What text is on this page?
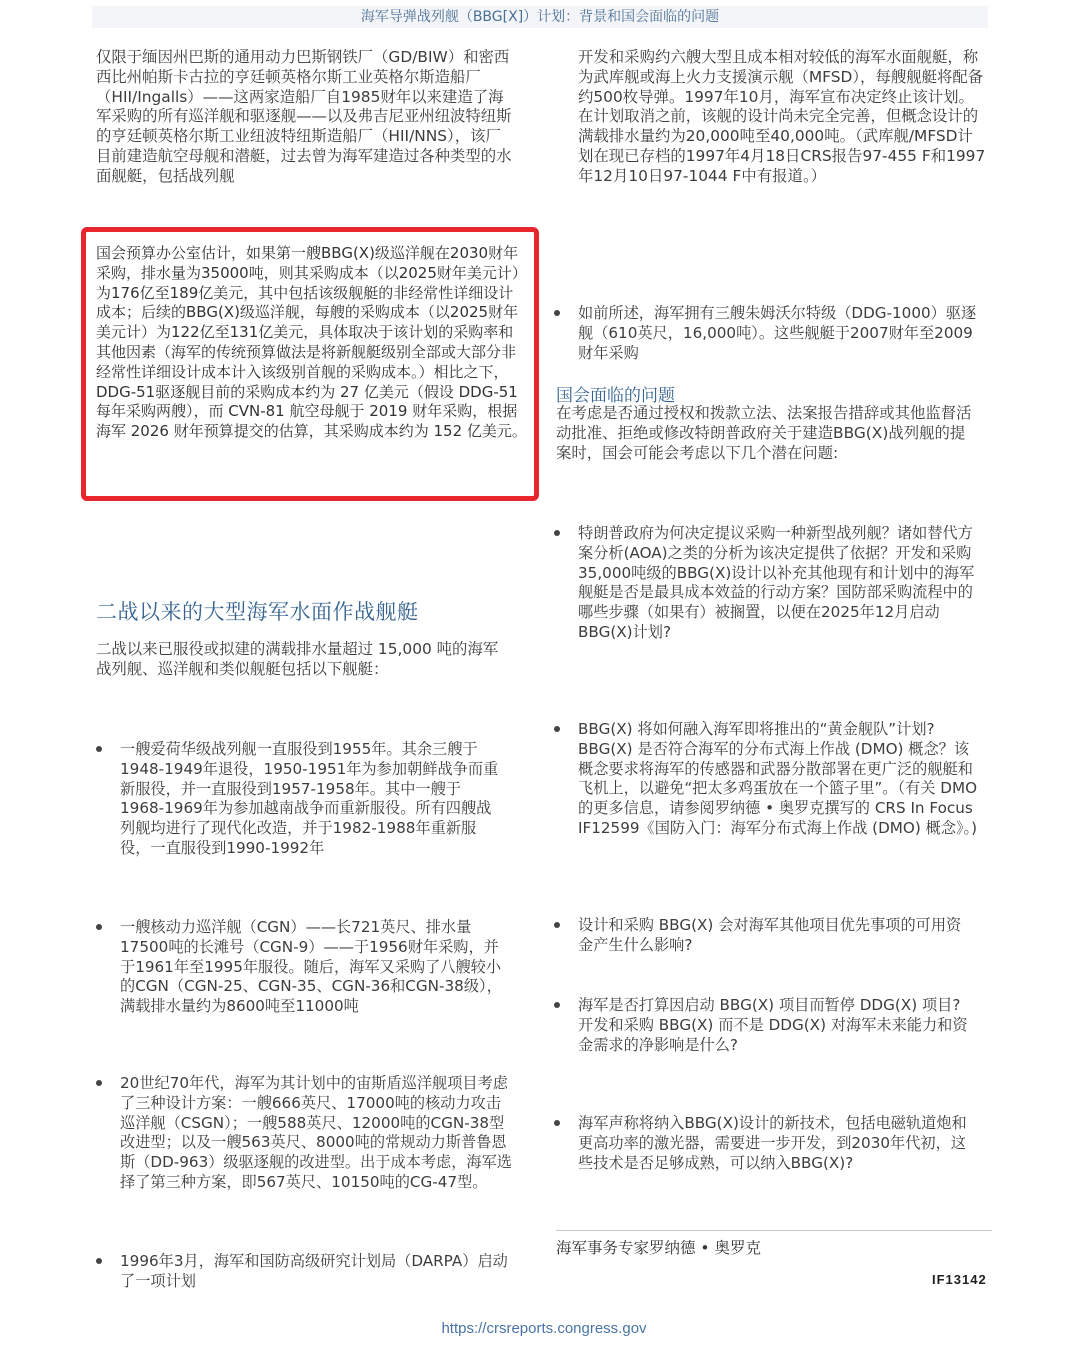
海军导弹战列舰（BBG[X]）计划：背景和国会面临的问题

仅限于缅因州巴斯的通用动力巴斯钢铁厂（GD/BIW）和密西西比州帕斯卡古拉的亨廷顿英格尔斯工业英格尔斯造船厂（HII/Ingalls）——这两家造船厂自1985财年以来建造了海军采购的所有巡洋舰和驱逐舰——以及弗吉尼亚州纽波特纽斯的亨廷顿英格尔斯工业纽波特纽斯造船厂（HII/NNS），该厂目前建造航空母舰和潜艇，过去曾为海军建造过各种类型的水面舰艇，包括战列舰

国会预算办公室估计，如果第一艘BBG(X)级巡洋舰在2030财年采购，排水量为35000吨，则其采购成本（以2025财年美元计）为176亿至189亿美元，其中包括该级舰艇的非经常性详细设计成本；后续的BBG(X)级巡洋舰，每艘的采购成本（以2025财年美元计）为122亿至131亿美元，具体取决于该计划的采购率和其他因素（海军的传统预算做法是将新舰艇级别全部或大部分非经常性详细设计成本计入该级别首舰的采购成本。）相比之下，DDG-51驱逐舰目前的采购成本约为 27 亿美元（假设 DDG-51 每年采购两艘），而 CVN-81 航空母舰于 2019 财年采购，根据海军 2026 财年预算提交的估算，其采购成本约为 152 亿美元。

二战以来的大型海军水面作战舰艇

二战以来已服役或拟建的满载排水量超过 15,000 吨的海军战列舰、巡洋舰和类似舰艇包括以下舰艇：

一艘爱荷华级战列舰一直服役到1955年。其余三艘于1948-1949年退役，1950-1951年为参加朝鲜战争而重新服役，并一直服役到1957-1958年。其中一艘于1968-1969年为参加越南战争而重新服役。所有四艘战列舰均进行了现代化改造，并于1982-1988年重新服役，一直服役到1990-1992年
一艘核动力巡洋舰（CGN）——长721英尺、排水量17500吨的长滩号（CGN-9）——于1956财年采购，并于1961年至1995年服役。随后，海军又采购了八艘较小的CGN（CGN-25、CGN-35、CGN-36和CGN-38级），满载排水量约为8600吨至11000吨
20世纪70年代，海军为其计划中的宙斯盾巡洋舰项目考虑了三种设计方案：一艘666英尺、17000吨的核动力攻击巡洋舰（CSGN）；一艘588英尺、12000吨的CGN-38型改进型；以及一艘563英尺、8000吨的常规动力斯普鲁恩斯（DD-963）级驱逐舰的改进型。出于成本考虑，海军选择了第三种方案，即567英尺、10150吨的CG-47型。
1996年3月，海军和国防高级研究计划局（DARPA）启动了一项计划

开发和采购约六艘大型且成本相对较低的海军水面舰艇，称为武库舰或海上火力支援演示舰（MFSD），每艘舰艇将配备约500枚导弹。1997年10月，海军宣布决定终止该计划。在计划取消之前，该舰的设计尚未完全完善，但概念设计的满载排水量约为20,000吨至40,000吨。（武库舰/MFSD计划在现已存档的1997年4月18日CRS报告97-455 F和1997年12月10日97-1044 F中有报道。）

如前所述，海军拥有三艘朱姆沃尔特级（DDG-1000）驱逐舰（610英尺，16,000吨）。这些舰艇于2007财年至2009财年采购
国会面临的问题

在考虑是否通过授权和拨款立法、法案报告措辞或其他监督活动批准、拒绝或修改特朗普政府关于建造BBG(X)战列舰的提案时，国会可能会考虑以下几个潜在问题:

特朗普政府为何决定提议采购一种新型战列舰？诸如替代方案分析(AOA)之类的分析为该决定提供了依据？开发和采购35,000吨级的BBG(X)设计以补充其他现有和计划中的海军舰艇是否是最具成本效益的行动方案？国防部采购流程中的哪些步骤（如果有）被搁置，以便在2025年12月启动BBG(X)计划?
BBG(X) 将如何融入海军即将推出的“黄金舰队”计划? BBG(X) 是否符合海军的分布式海上作战 (DMO) 概念？该概念要求将海军的传感器和武器分散部署在更广泛的舰艇和飞机上，以避免“把太多鸡蛋放在一个篮子里”。（有关 DMO 的更多信息，请参阅罗纳德 • 奥罗克撰写的 CRS In Focus IF12599《国防入门：海军分布式海上作战 (DMO) 概念》。)
设计和采购 BBG(X) 会对海军其他项目优先事项的可用资金产生什么影响?
海军是否打算因启动 BBG(X) 项目而暂停 DDG(X) 项目? 开发和采购 BBG(X) 而不是 DDG(X) 对海军未来能力和资金需求的净影响是什么?
海军声称将纳入BBG(X)设计的新技术，包括电磁轨道炮和更高功率的激光器，需要进一步开发，到2030年代初，这些技术是否足够成熟，可以纳入BBG(X)?
海军事务专家罗纳德 • 奥罗克
IF13142
https://crsreports.congress.gov
